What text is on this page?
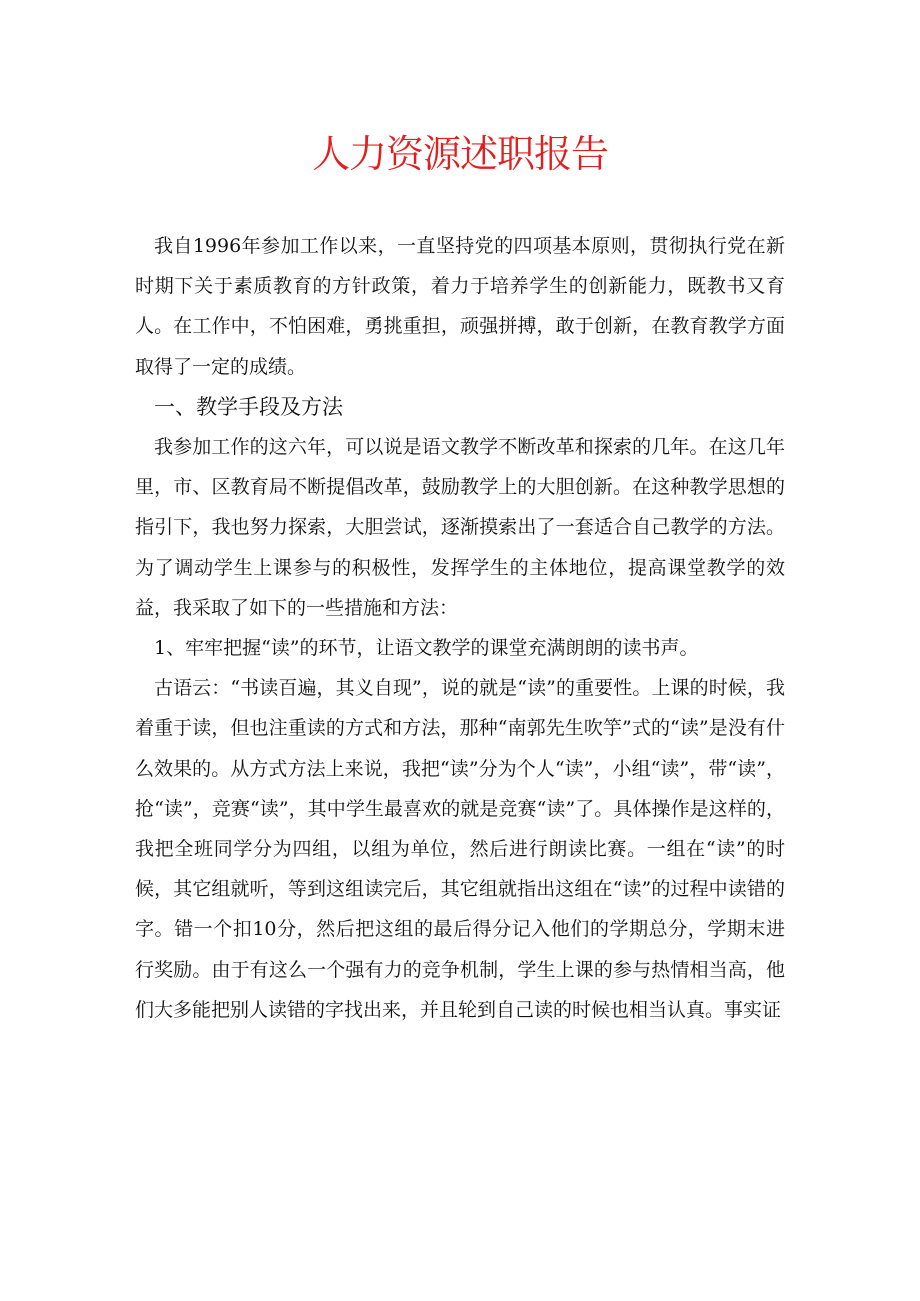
人力资源述职报告

我自1996年参加工作以来，一直坚持党的四项基本原则，贯彻执行党在新时期下关于素质教育的方针政策，着力于培养学生的创新能力，既教书又育人。在工作中，不怕困难，勇挑重担，顽强拼搏，敢于创新，在教育教学方面取得了一定的成绩。

一、教学手段及方法

我参加工作的这六年，可以说是语文教学不断改革和探索的几年。在这几年里，市、区教育局不断提倡改革，鼓励教学上的大胆创新。在这种教学思想的指引下，我也努力探索，大胆尝试，逐渐摸索出了一套适合自己教学的方法。为了调动学生上课参与的积极性，发挥学生的主体地位，提高课堂教学的效益，我采取了如下的一些措施和方法：

1、牢牢把握“读”的环节，让语文教学的课堂充满朗朗的读书声。

古语云：“书读百遍，其义自现”，说的就是“读”的重要性。上课的时候，我着重于读，但也注重读的方式和方法，那种“南郭先生吹竽”式的“读”是没有什么效果的。从方式方法上来说，我把“读”分为个人“读”，小组“读”，带“读”，抢“读”，竞赛“读”，其中学生最喜欢的就是竞赛“读”了。具体操作是这样的，我把全班同学分为四组，以组为单位，然后进行朗读比赛。一组在“读”的时候，其它组就听，等到这组读完后，其它组就指出这组在“读”的过程中读错的字。错一个扣10分，然后把这组的最后得分记入他们的学期总分，学期末进行奖励。由于有这么一个强有力的竞争机制，学生上课的参与热情相当高，他们大多能把别人读错的字找出来，并且轮到自己读的时候也相当认真。事实证
